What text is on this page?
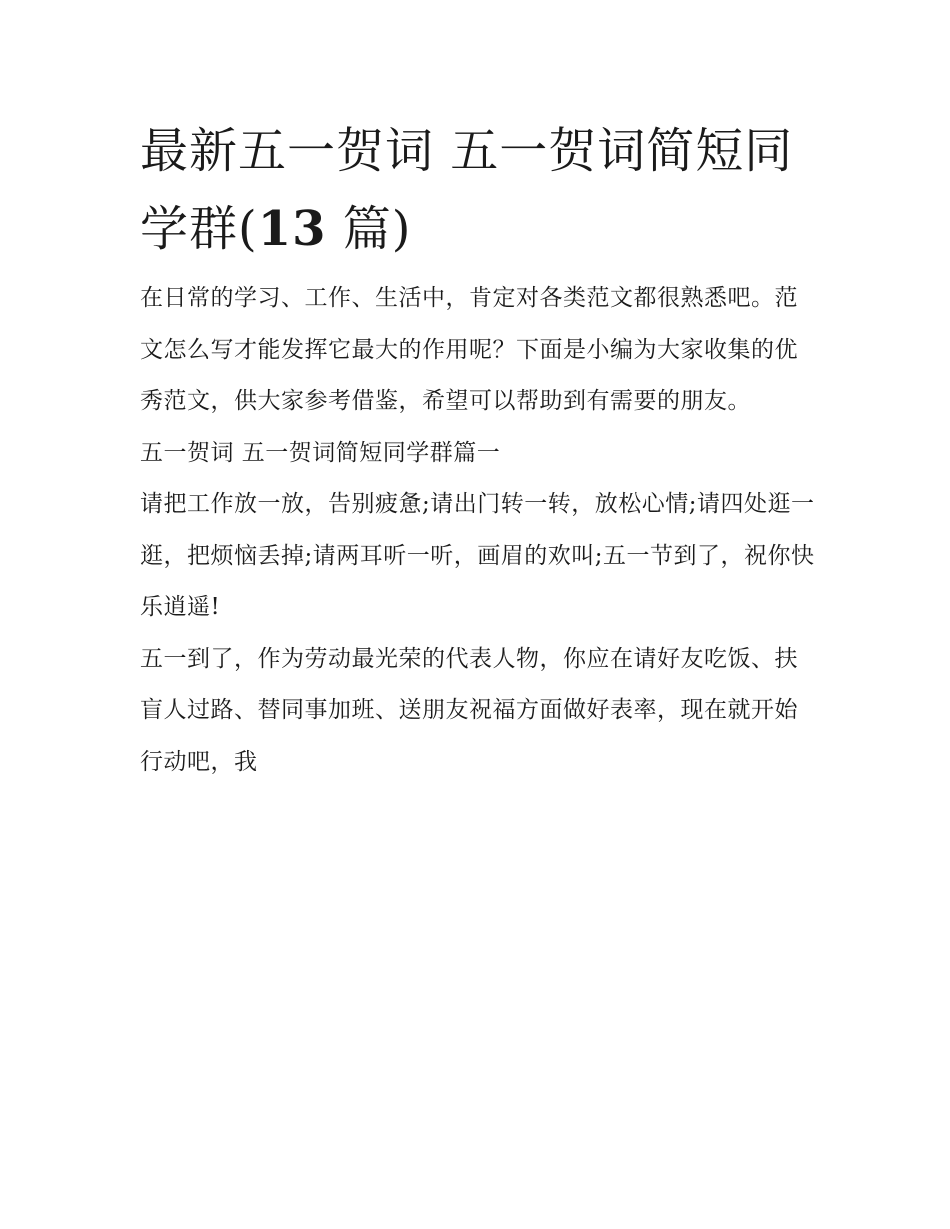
最新五一贺词 五一贺词简短同学群(13 篇)

在日常的学习、工作、生活中，肯定对各类范文都很熟悉吧。范文怎么写才能发挥它最大的作用呢？下面是小编为大家收集的优秀范文，供大家参考借鉴，希望可以帮助到有需要的朋友。

五一贺词 五一贺词简短同学群篇一

请把工作放一放，告别疲惫;请出门转一转，放松心情;请四处逛一逛，把烦恼丢掉;请两耳听一听，画眉的欢叫;五一节到了，祝你快乐逍遥!

五一到了，作为劳动最光荣的代表人物，你应在请好友吃饭、扶盲人过路、替同事加班、送朋友祝福方面做好表率，现在就开始行动吧，我
